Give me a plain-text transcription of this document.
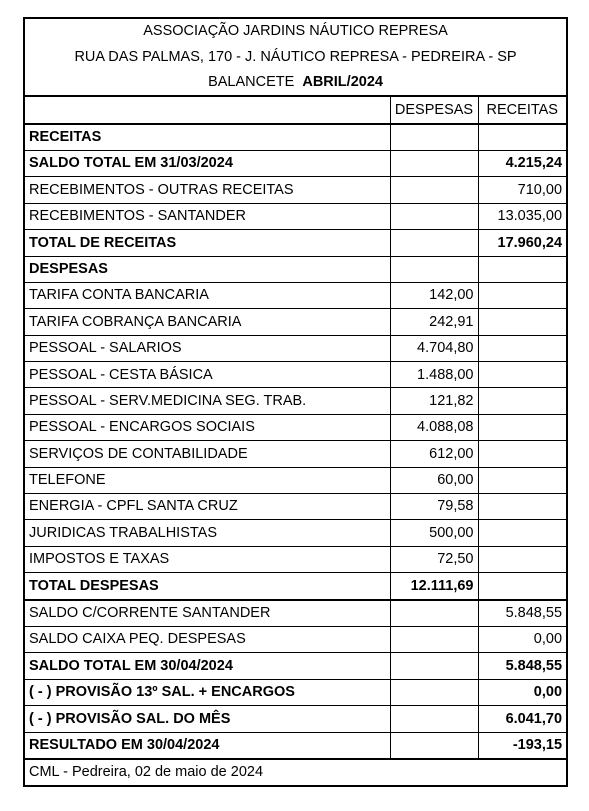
ASSOCIAÇÃO JARDINS NÁUTICO REPRESA		
RUA DAS PALMAS, 170 - J. NÁUTICO REPRESA - PEDREIRA - SP		
BALANCETE ABRIL/2024		
	DESPESAS	RECEITAS
RECEITAS		
SALDO TOTAL EM 31/03/2024		4.215,24
RECEBIMENTOS - OUTRAS RECEITAS		710,00
RECEBIMENTOS - SANTANDER		13.035,00
TOTAL DE RECEITAS		17.960,24
DESPESAS		
TARIFA CONTA BANCARIA	142,00	
TARIFA COBRANÇA BANCARIA	242,91	
PESSOAL - SALARIOS	4.704,80	
PESSOAL - CESTA BÁSICA	1.488,00	
PESSOAL - SERV.MEDICINA SEG. TRAB.	121,82	
PESSOAL - ENCARGOS SOCIAIS	4.088,08	
SERVIÇOS DE CONTABILIDADE	612,00	
TELEFONE	60,00	
ENERGIA - CPFL SANTA CRUZ	79,58	
JURIDICAS TRABALHISTAS	500,00	
IMPOSTOS E TAXAS	72,50	
TOTAL DESPESAS	12.111,69	
SALDO C/CORRENTE SANTANDER		5.848,55
SALDO CAIXA PEQ. DESPESAS		0,00
SALDO TOTAL EM 30/04/2024		5.848,55
( - ) PROVISÃO 13º SAL. + ENCARGOS		0,00
( - ) PROVISÃO SAL. DO MÊS		6.041,70
RESULTADO EM 30/04/2024		-193,15
CML - Pedreira, 02 de maio de 2024		
